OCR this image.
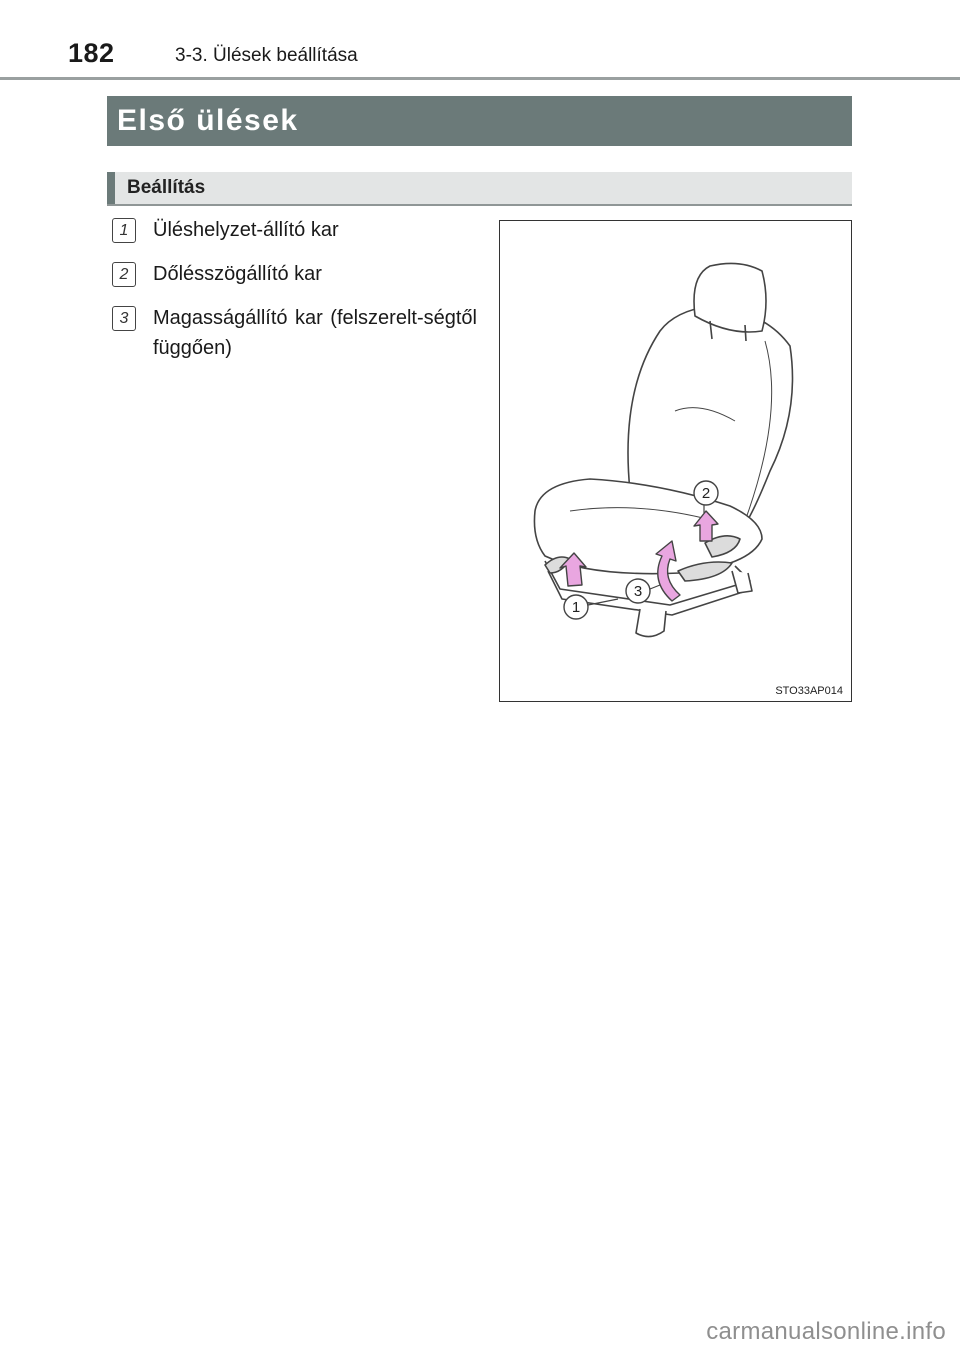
182	3-3. Ülések beállítása
Első ülések
Beállítás
1	Üléshelyzet-állító kar
2	Dőlésszögállító kar
3	Magasságállító kar (felszerelt-ségtől függően)
1
2
3
STO33AP014
carmanualsonline.info
